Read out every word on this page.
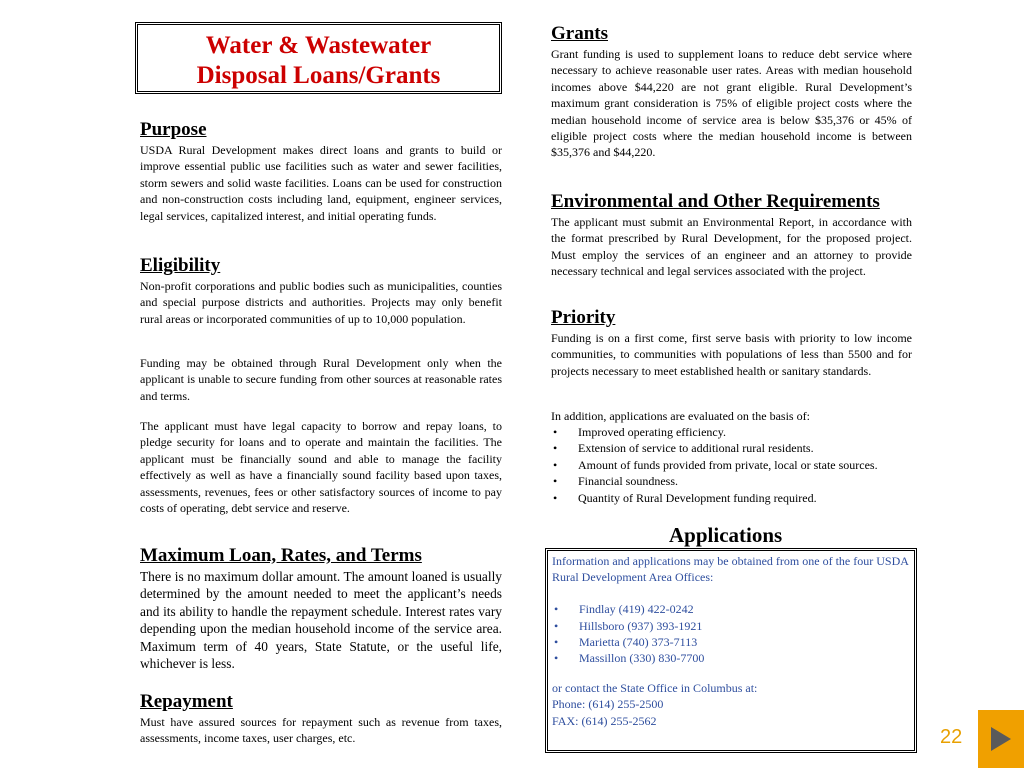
Water & Wastewater
Disposal Loans/Grants
Purpose

USDA Rural Development makes direct loans and grants to build or improve essential public use facilities such as water and sewer facilities, storm sewers and solid waste facilities. Loans can be used for construction and non-construction costs including land, equipment, engineer services, legal services, capitalized interest, and initial operating funds.

Eligibility

Non-profit corporations and public bodies such as municipalities, counties and special purpose districts and authorities. Projects may only benefit rural areas or incorporated communities of up to 10,000 population.

Funding may be obtained through Rural Development only when the applicant is unable to secure funding from other sources at reasonable rates and terms.

The applicant must have legal capacity to borrow and repay loans, to pledge security for loans and to operate and maintain the facilities. The applicant must be financially sound and able to manage the facility effectively as well as have a financially sound facility based upon taxes, assessments, revenues, fees or other satisfactory sources of income to pay costs of operating, debt service and reserve.

Maximum Loan, Rates, and Terms

There is no maximum dollar amount. The amount loaned is usually determined by the amount needed to meet the applicant’s needs and its ability to handle the repayment schedule. Interest rates vary depending upon the median household income of the service area. Maximum term of 40 years, State Statute, or the useful life, whichever is less.

Repayment

Must have assured sources for repayment such as revenue from taxes, assessments, income taxes, user charges, etc.

Grants

Grant funding is used to supplement loans to reduce debt service where necessary to achieve reasonable user rates. Areas with median household incomes above $44,220 are not grant eligible. Rural Development’s maximum grant consideration is 75% of eligible project costs where the median household income of service area is below $35,376 or 45% of eligible project costs where the median household income is between $35,376 and $44,220.

Environmental and Other Requirements

The applicant must submit an Environmental Report, in accordance with the format prescribed by Rural Development, for the proposed project. Must employ the services of an engineer and an attorney to provide necessary technical and legal services associated with the project.

Priority

Funding is on a first come, first serve basis with priority to low income communities, to communities with populations of less than 5500 and for projects necessary to meet established health or sanitary standards.

In addition, applications are evaluated on the basis of:

• Improved operating efficiency.
• Extension of service to additional rural residents.
• Amount of funds provided from private, local or state sources.
• Financial soundness.
• Quantity of Rural Development funding required.
Applications

Information and applications may be obtained from one of the four USDA Rural Development Area Offices:

• Findlay (419) 422-0242
• Hillsboro (937) 393-1921
• Marietta (740) 373-7113
• Massillon (330) 830-7700

or contact the State Office in Columbus at:

Phone: (614) 255-2500

FAX: (614) 255-2562

22
